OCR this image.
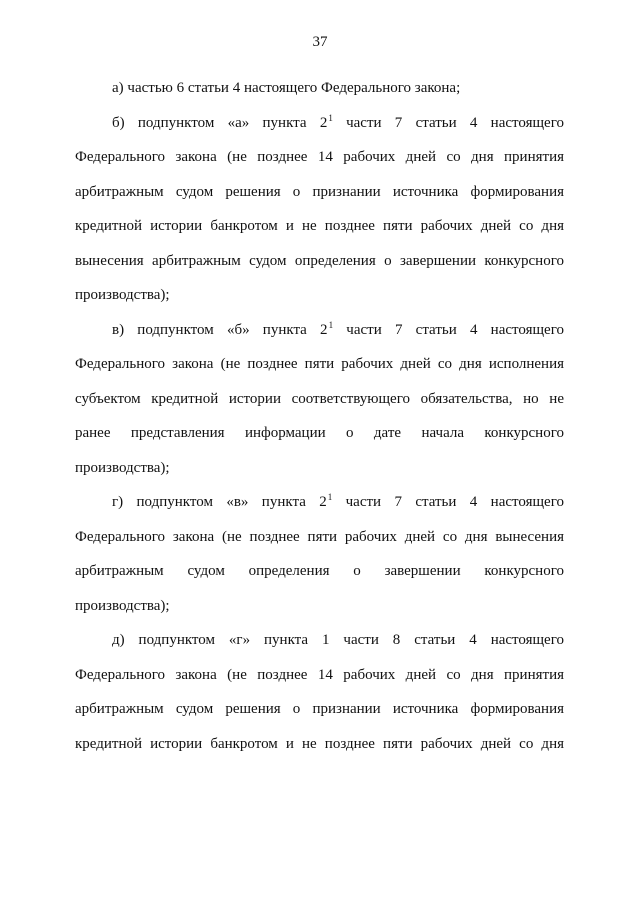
37

а) частью 6 статьи 4 настоящего Федерального закона;

б) подпунктом «а» пункта $2^1$ части 7 статьи 4 настоящего
Федерального закона (не позднее 14 рабочих дней со дня принятия
арбитражным судом решения о признании источника формирования
кредитной истории банкротом и не позднее пяти рабочих дней со дня
вынесения арбитражным судом определения о завершении конкурсного
производства);

в) подпунктом «б» пункта $2^1$ части 7 статьи 4 настоящего
Федерального закона (не позднее пяти рабочих дней со дня исполнения
субъектом кредитной истории соответствующего обязательства, но не
ранее представления информации о дате начала конкурсного
производства);

г) подпунктом «в» пункта $2^1$ части 7 статьи 4 настоящего
Федерального закона (не позднее пяти рабочих дней со дня вынесения
арбитражным судом определения о завершении конкурсного
производства);

д) подпунктом «г» пункта 1 части 8 статьи 4 настоящего
Федерального закона (не позднее 14 рабочих дней со дня принятия
арбитражным судом решения о признании источника формирования
кредитной истории банкротом и не позднее пяти рабочих дней со дня
